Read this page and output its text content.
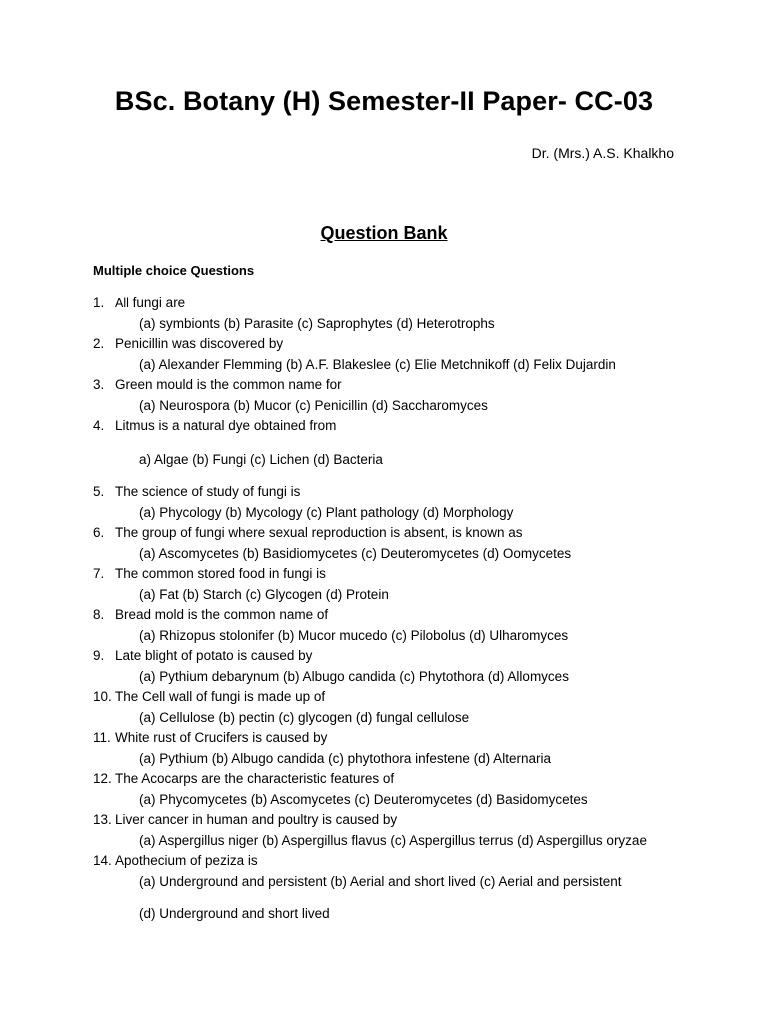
BSc. Botany (H) Semester-II Paper- CC-03
Dr. (Mrs.) A.S. Khalkho
Question Bank
Multiple choice Questions
1. All fungi are
(a) symbionts (b) Parasite (c) Saprophytes (d) Heterotrophs
2. Penicillin was discovered by
(a) Alexander Flemming (b) A.F. Blakeslee (c) Elie Metchnikoff (d) Felix Dujardin
3. Green mould is the common name for
(a) Neurospora (b) Mucor (c) Penicillin (d) Saccharomyces
4. Litmus is a natural dye obtained from
a) Algae (b) Fungi (c) Lichen (d) Bacteria
5. The science of study of fungi is
(a) Phycology (b) Mycology (c) Plant pathology (d) Morphology
6. The group of fungi where sexual reproduction is absent, is known as
(a) Ascomycetes (b) Basidiomycetes (c) Deuteromycetes (d) Oomycetes
7. The common stored food in fungi is
(a) Fat (b) Starch (c) Glycogen (d) Protein
8. Bread mold is the common name of
(a) Rhizopus stolonifer (b) Mucor mucedo (c) Pilobolus (d) Ulharomyces
9. Late blight of potato is caused by
(a) Pythium debarynum (b) Albugo candida (c) Phytothora (d) Allomyces
10. The Cell wall of fungi is made up of
(a) Cellulose (b) pectin (c) glycogen (d) fungal cellulose
11. White rust of Crucifers is caused by
(a) Pythium (b) Albugo candida (c) phytothora infestene (d) Alternaria
12. The Acocarps are the characteristic features of
(a) Phycomycetes (b) Ascomycetes (c) Deuteromycetes (d) Basidomycetes
13. Liver cancer in human and poultry is caused by
(a) Aspergillus niger (b) Aspergillus flavus (c) Aspergillus terrus (d) Aspergillus oryzae
14. Apothecium of peziza is
(a) Underground and persistent (b) Aerial and short lived (c) Aerial and persistent
(d) Underground and short lived
